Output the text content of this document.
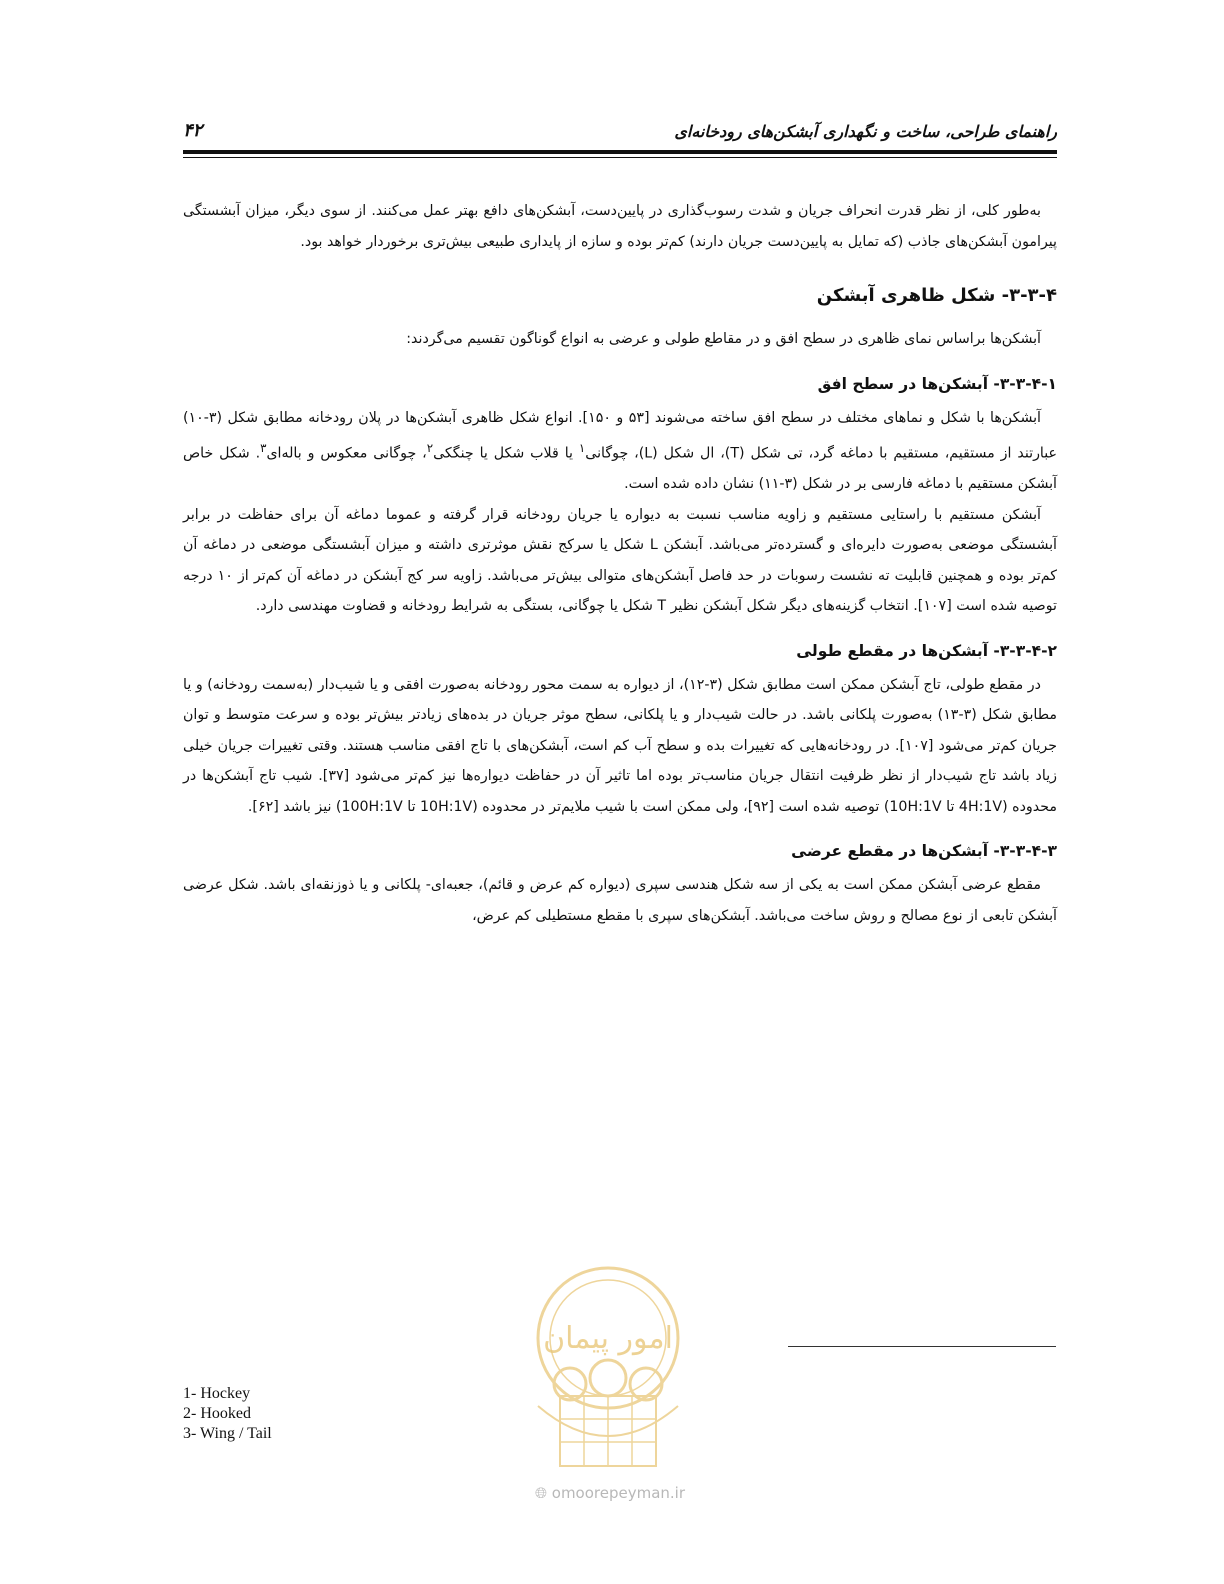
راهنمای طراحی، ساخت و نگهداری آبشکن‌های رودخانه‌ای
۴۲

به‌طور کلی، از نظر قدرت انحراف جریان و شدت رسوب‌گذاری در پایین‌دست، آبشکن‌های دافع بهتر عمل می‌کنند. از سوی دیگر، میزان آبشستگی پیرامون آبشکن‌های جاذب (که تمایل به پایین‌دست جریان دارند) کم‌تر بوده و سازه از پایداری طبیعی بیش‌تری برخوردار خواهد بود.

۳-۳-۴- شکل ظاهری آبشکن

آبشکن‌ها براساس نمای ظاهری در سطح افق و در مقاطع طولی و عرضی به انواع گوناگون تقسیم می‌گردند:

۳-۳-۴-۱- آبشکن‌ها در سطح افق

آبشکن‌ها با شکل و نماهای مختلف در سطح افق ساخته می‌شوند [۵۳ و ۱۵۰]. انواع شکل ظاهری آبشکن‌ها در پلان رودخانه مطابق شکل (۳-۱۰) عبارتند از مستقیم، مستقیم با دماغه گرد، تی شکل (T)، ال شکل (L)، چوگانی$^۱$ یا قلاب شکل یا چنگکی$^۲$، چوگانی معکوس و باله‌ای$^۳$. شکل خاص آبشکن مستقیم با دماغه فارسی بر در شکل (۳-۱۱) نشان داده شده است.

آبشکن مستقیم با راستایی مستقیم و زاویه مناسب نسبت به دیواره یا جریان رودخانه قرار گرفته و عموما دماغه آن برای حفاظت در برابر آبشستگی موضعی به‌صورت دایره‌ای و گسترده‌تر می‌باشد. آبشکن L شکل یا سرکج نقش موثرتری داشته و میزان آبشستگی موضعی در دماغه آن کم‌تر بوده و همچنین قابلیت ته نشست رسوبات در حد فاصل آبشکن‌های متوالی بیش‌تر می‌باشد. زاویه سر کج آبشکن در دماغه آن کم‌تر از ۱۰ درجه توصیه شده است [۱۰۷]. انتخاب گزینه‌های دیگر شکل آبشکن نظیر T شکل یا چوگانی، بستگی به شرایط رودخانه و قضاوت مهندسی دارد.

۳-۳-۴-۲- آبشکن‌ها در مقطع طولی

در مقطع طولی، تاج آبشکن ممکن است مطابق شکل (۳-۱۲)، از دیواره به سمت محور رودخانه به‌صورت افقی و یا شیب‌دار (به‌سمت رودخانه) و یا مطابق شکل (۳-۱۳) به‌صورت پلکانی باشد. در حالت شیب‌دار و یا پلکانی، سطح موثر جریان در بده‌های زیادتر بیش‌تر بوده و سرعت متوسط و توان جریان کم‌تر می‌شود [۱۰۷]. در رودخانه‌هایی که تغییرات بده و سطح آب کم است، آبشکن‌های با تاج افقی مناسب هستند. وقتی تغییرات جریان خیلی زیاد باشد تاج شیب‌دار از نظر ظرفیت انتقال جریان مناسب‌تر بوده اما تاثیر آن در حفاظت دیواره‌ها نیز کم‌تر می‌شود [۳۷]. شیب تاج آبشکن‌ها در محدوده (4H:1V تا 10H:1V) توصیه شده است [۹۲]، ولی ممکن است با شیب ملایم‌تر در محدوده (10H:1V تا 100H:1V) نیز باشد [۶۲].

۳-۳-۴-۳- آبشکن‌ها در مقطع عرضی

مقطع عرضی آبشکن ممکن است به یکی از سه شکل هندسی سپری (دیواره کم عرض و قائم)، جعبه‌ای- پلکانی و یا ذوزنقه‌ای باشد. شکل عرضی آبشکن تابعی از نوع مصالح و روش ساخت می‌باشد. آبشکن‌های سپری با مقطع مستطیلی کم عرض،

امور پیمان
🌐︎ omoorepeyman.ir
1- Hockey
2- Hooked
3- Wing / Tail
